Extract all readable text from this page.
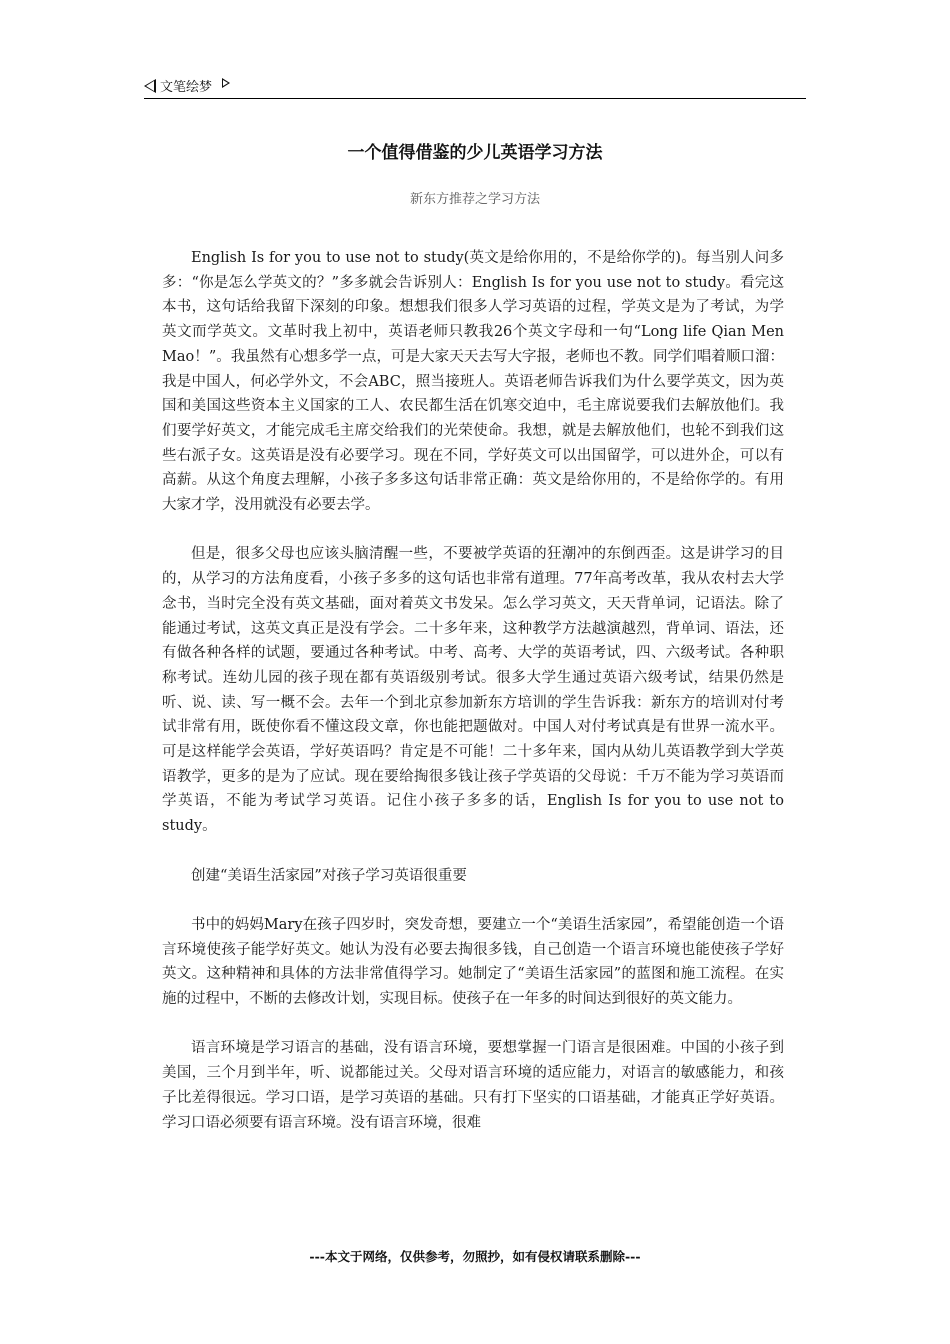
文笔绘梦
一个值得借鉴的少儿英语学习方法
新东方推荐之学习方法

English Is for you to use not to study(英文是给你用的，不是给你学的)。每当别人问多多：“你是怎么学英文的？”多多就会告诉别人：English Is for you use not to study。看完这本书，这句话给我留下深刻的印象。想想我们很多人学习英语的过程，学英文是为了考试，为学英文而学英文。文革时我上初中，英语老师只教我26个英文字母和一句“Long life Qian Men Mao！”。我虽然有心想多学一点，可是大家天天去写大字报，老师也不教。同学们唱着顺口溜：我是中国人，何必学外文，不会ABC，照当接班人。英语老师告诉我们为什么要学英文，因为英国和美国这些资本主义国家的工人、农民都生活在饥寒交迫中，毛主席说要我们去解放他们。我们要学好英文，才能完成毛主席交给我们的光荣使命。我想，就是去解放他们，也轮不到我们这些右派子女。这英语是没有必要学习。现在不同，学好英文可以出国留学，可以进外企，可以有高薪。从这个角度去理解，小孩子多多这句话非常正确：英文是给你用的，不是给你学的。有用大家才学，没用就没有必要去学。

但是，很多父母也应该头脑清醒一些，不要被学英语的狂潮冲的东倒西歪。这是讲学习的目的，从学习的方法角度看，小孩子多多的这句话也非常有道理。77年高考改革，我从农村去大学念书，当时完全没有英文基础，面对着英文书发呆。怎么学习英文，天天背单词，记语法。除了能通过考试，这英文真正是没有学会。二十多年来，这种教学方法越演越烈，背单词、语法，还有做各种各样的试题，要通过各种考试。中考、高考、大学的英语考试，四、六级考试。各种职称考试。连幼儿园的孩子现在都有英语级别考试。很多大学生通过英语六级考试，结果仍然是听、说、读、写一概不会。去年一个到北京参加新东方培训的学生告诉我：新东方的培训对付考试非常有用，既使你看不懂这段文章，你也能把题做对。中国人对付考试真是有世界一流水平。可是这样能学会英语，学好英语吗？肯定是不可能！二十多年来，国内从幼儿英语教学到大学英语教学，更多的是为了应试。现在要给掏很多钱让孩子学英语的父母说：千万不能为学习英语而学英语，不能为考试学习英语。记住小孩子多多的话，English Is for you to use not to study。

创建“美语生活家园”对孩子学习英语很重要

书中的妈妈Mary在孩子四岁时，突发奇想，要建立一个“美语生活家园”，希望能创造一个语言环境使孩子能学好英文。她认为没有必要去掏很多钱，自己创造一个语言环境也能使孩子学好英文。这种精神和具体的方法非常值得学习。她制定了“美语生活家园”的蓝图和施工流程。在实施的过程中，不断的去修改计划，实现目标。使孩子在一年多的时间达到很好的英文能力。

语言环境是学习语言的基础，没有语言环境，要想掌握一门语言是很困难。中国的小孩子到美国，三个月到半年，听、说都能过关。父母对语言环境的适应能力，对语言的敏感能力，和孩子比差得很远。学习口语，是学习英语的基础。只有打下坚实的口语基础，才能真正学好英语。学习口语必须要有语言环境。没有语言环境，很难

---本文于网络，仅供参考，勿照抄，如有侵权请联系删除---
